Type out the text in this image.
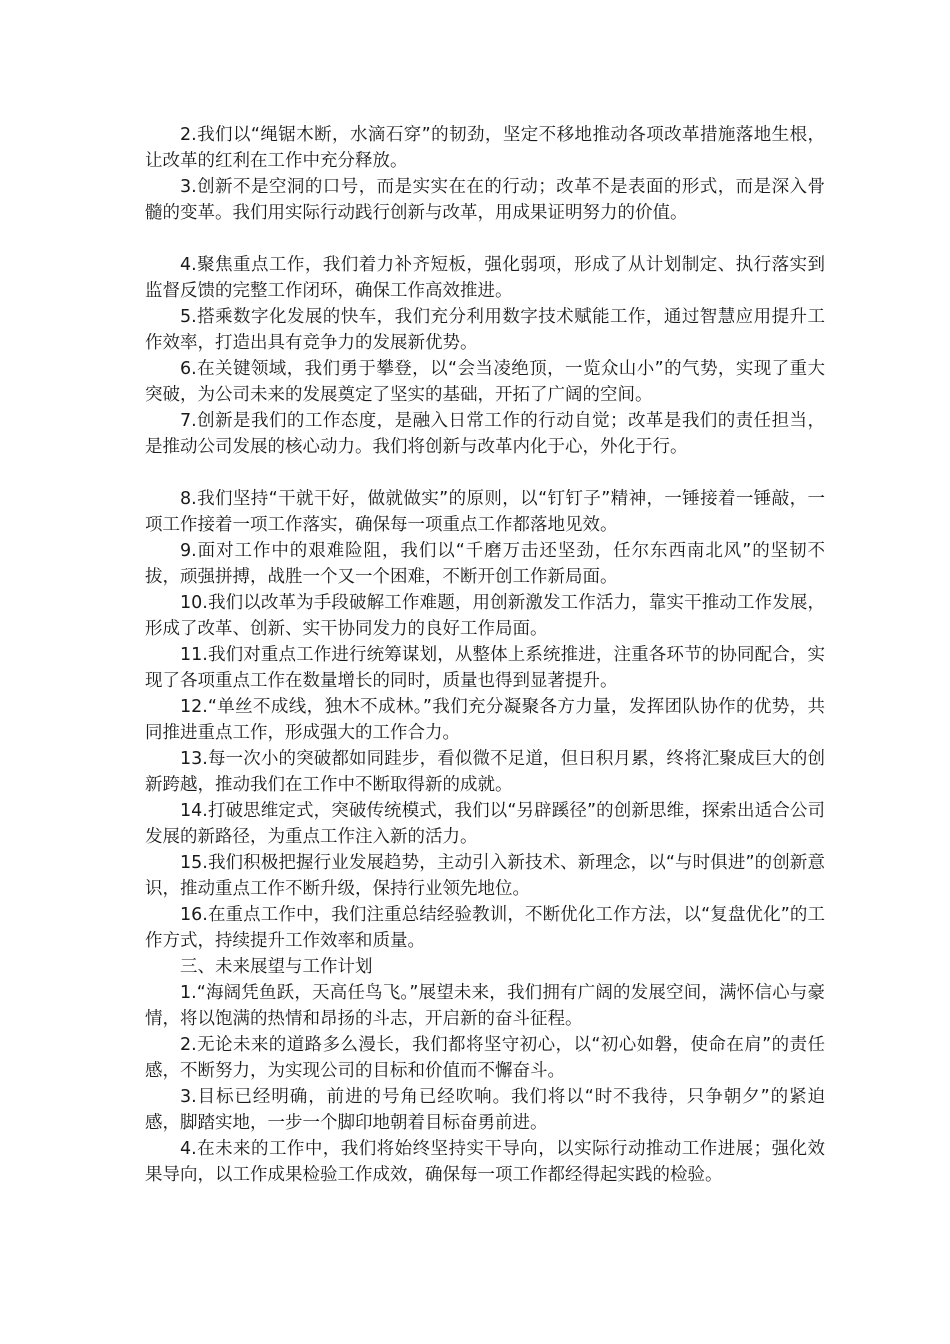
2.我们以“绳锯木断，水滴石穿”的韧劲，坚定不移地推动各项改革措施落地生根，让改革的红利在工作中充分释放。

3.创新不是空洞的口号，而是实实在在的行动；改革不是表面的形式，而是深入骨髓的变革。我们用实际行动践行创新与改革，用成果证明努力的价值。

4.聚焦重点工作，我们着力补齐短板，强化弱项，形成了从计划制定、执行落实到监督反馈的完整工作闭环，确保工作高效推进。

5.搭乘数字化发展的快车，我们充分利用数字技术赋能工作，通过智慧应用提升工作效率，打造出具有竞争力的发展新优势。

6.在关键领域，我们勇于攀登，以“会当凌绝顶，一览众山小”的气势，实现了重大突破，为公司未来的发展奠定了坚实的基础，开拓了广阔的空间。

7.创新是我们的工作态度，是融入日常工作的行动自觉；改革是我们的责任担当，是推动公司发展的核心动力。我们将创新与改革内化于心，外化于行。

8.我们坚持“干就干好，做就做实”的原则，以“钉钉子”精神，一锤接着一锤敲，一项工作接着一项工作落实，确保每一项重点工作都落地见效。

9.面对工作中的艰难险阻，我们以“千磨万击还坚劲，任尔东西南北风”的坚韧不拔，顽强拼搏，战胜一个又一个困难，不断开创工作新局面。

10.我们以改革为手段破解工作难题，用创新激发工作活力，靠实干推动工作发展，形成了改革、创新、实干协同发力的良好工作局面。

11.我们对重点工作进行统筹谋划，从整体上系统推进，注重各环节的协同配合，实现了各项重点工作在数量增长的同时，质量也得到显著提升。

12.“单丝不成线，独木不成林。”我们充分凝聚各方力量，发挥团队协作的优势，共同推进重点工作，形成强大的工作合力。

13.每一次小的突破都如同跬步，看似微不足道，但日积月累，终将汇聚成巨大的创新跨越，推动我们在工作中不断取得新的成就。

14.打破思维定式，突破传统模式，我们以“另辟蹊径”的创新思维，探索出适合公司发展的新路径，为重点工作注入新的活力。

15.我们积极把握行业发展趋势，主动引入新技术、新理念，以“与时俱进”的创新意识，推动重点工作不断升级，保持行业领先地位。

16.在重点工作中，我们注重总结经验教训，不断优化工作方法，以“复盘优化”的工作方式，持续提升工作效率和质量。

三、未来展望与工作计划

1.“海阔凭鱼跃，天高任鸟飞。”展望未来，我们拥有广阔的发展空间，满怀信心与豪情，将以饱满的热情和昂扬的斗志，开启新的奋斗征程。

2.无论未来的道路多么漫长，我们都将坚守初心，以“初心如磐，使命在肩”的责任感，不断努力，为实现公司的目标和价值而不懈奋斗。

3.目标已经明确，前进的号角已经吹响。我们将以“时不我待，只争朝夕”的紧迫感，脚踏实地，一步一个脚印地朝着目标奋勇前进。

4.在未来的工作中，我们将始终坚持实干导向，以实际行动推动工作进展；强化效果导向，以工作成果检验工作成效，确保每一项工作都经得起实践的检验。
